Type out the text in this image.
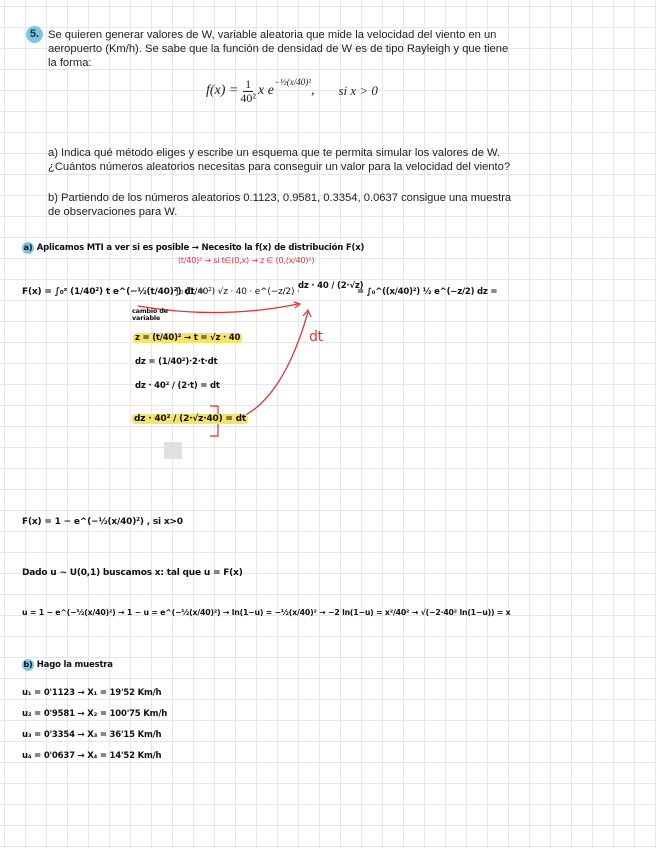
5. Se quieren generar valores de W, variable aleatoria que mide la velocidad del viento en un
aeropuerto (Km/h). Se sabe que la función de densidad de W es de tipo Rayleigh y que tiene
la forma:
$f(x) = \frac{1}{\text{40²}}$ x e
−½(x/40)²
, si x > 0
a) Indica qué método eliges y escribe un esquema que te permita simular los valores de W.
¿Cuántos números aleatorios necesitas para conseguir un valor para la velocidad del viento?
b) Partiendo de los números aleatorios 0.1123, 0.9581, 0.3354, 0.0637 consigue una muestra
de observaciones para W.
a) Aplicamos MTI a ver si es posible → Necesito la f(x) de distribución F(x)
(t/40)² → si t∈(0,x) → z ∈ (0,(x/40)²)
F(x) = ∫₀ˣ (1/40²) t e^(−½(t/40)²) dt =
∫₀ (1/40²) √z · 40 · e^(−z/2) ·
dz · 40 / (2·√z)
= ∫₀^((x/40)²) ½ e^(−z/2) dz =
dt
cambio de
variable
z = (t/40)² → t = √z · 40
dz = (1/40²)·2·t·dt
dz · 40² / (2·t) = dt
dz · 40² / (2·√z·40) = dt
F(x) = 1 − e^(−½(x/40)²) , si x>0
Dado u ~ U(0,1) buscamos x: tal que u = F(x)
u = 1 − e^(−½(x/40)²) → 1 − u = e^(−½(x/40)²) → ln(1−u) = −½(x/40)² → −2 ln(1−u) = x²/40² → √(−2·40² ln(1−u)) = x
b) Hago la muestra
u₁ = 0'1123 → X₁ = 19'52 Km/h
u₂ = 0'9581 → X₂ = 100'75 Km/h
u₃ = 0'3354 → X₃ = 36'15 Km/h
u₄ = 0'0637 → X₄ = 14'52 Km/h
